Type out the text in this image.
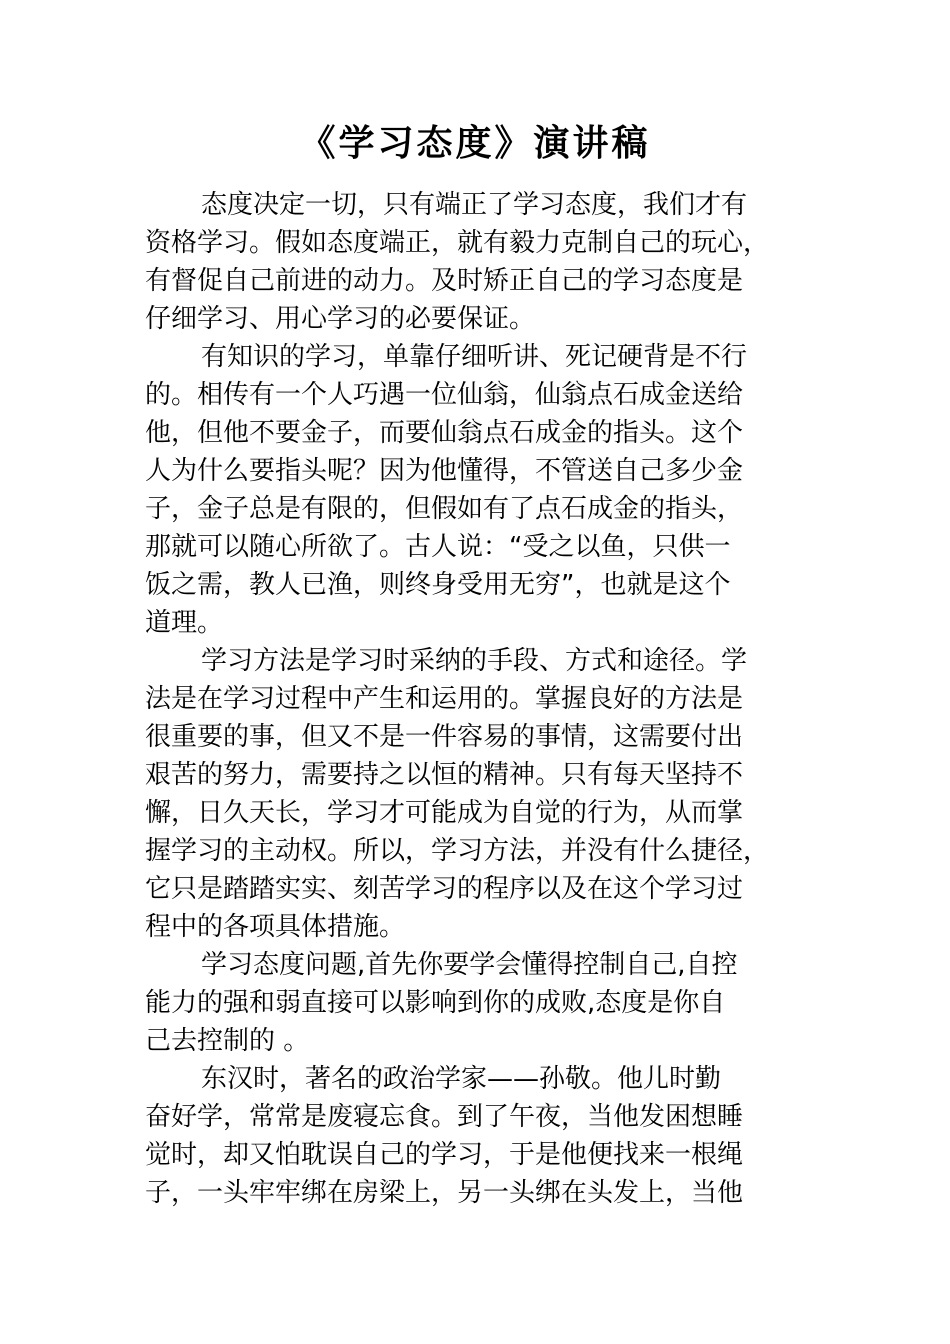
《学习态度》演讲稿
态度决定一切，只有端正了学习态度，我们才有
资格学习。假如态度端正，就有毅力克制自己的玩心，
有督促自己前进的动力。及时矫正自己的学习态度是
仔细学习、用心学习的必要保证。
有知识的学习，单靠仔细听讲、死记硬背是不行
的。相传有一个人巧遇一位仙翁，仙翁点石成金送给
他，但他不要金子，而要仙翁点石成金的指头。这个
人为什么要指头呢？因为他懂得，不管送自己多少金
子，金子总是有限的，但假如有了点石成金的指头，
那就可以随心所欲了。古人说：“受之以鱼，只供一
饭之需，教人已渔，则终身受用无穷”，也就是这个
道理。
学习方法是学习时采纳的手段、方式和途径。学
法是在学习过程中产生和运用的。掌握良好的方法是
很重要的事，但又不是一件容易的事情，这需要付出
艰苦的努力，需要持之以恒的精神。只有每天坚持不
懈，日久天长，学习才可能成为自觉的行为，从而掌
握学习的主动权。所以，学习方法，并没有什么捷径，
它只是踏踏实实、刻苦学习的程序以及在这个学习过
程中的各项具体措施。
学习态度问题,首先你要学会懂得控制自己,自控
能力的强和弱直接可以影响到你的成败,态度是你自
己去控制的 。
东汉时，著名的政治学家——孙敬。他儿时勤
奋好学，常常是废寝忘食。到了午夜，当他发困想睡
觉时，却又怕耽误自己的学习，于是他便找来一根绳
子，一头牢牢绑在房梁上，另一头绑在头发上，当他
